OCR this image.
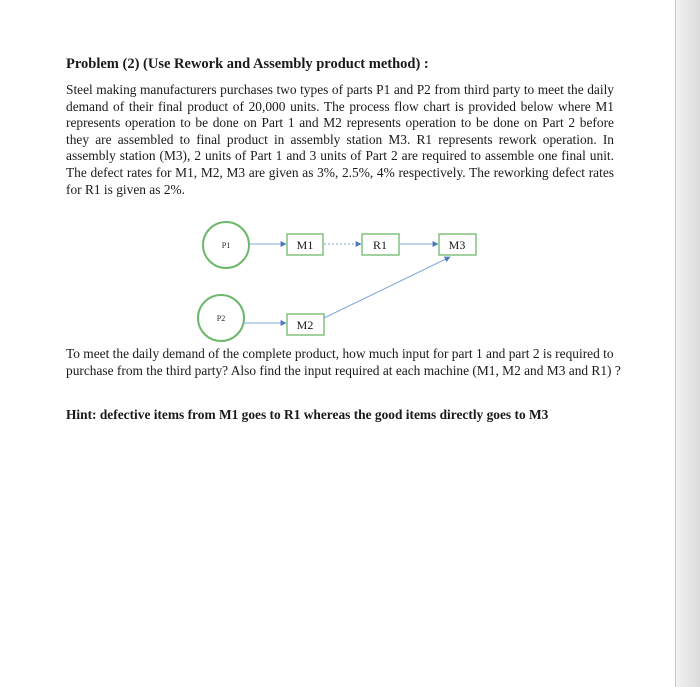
Problem (2) (Use Rework and Assembly product method) :

Steel making manufacturers purchases two types of parts P1 and P2 from third party to meet the daily demand of their final product of 20,000 units. The process flow chart is provided below where M1 represents operation to be done on Part 1 and M2 represents operation to be done on Part 2 before they are assembled to final product in assembly station M3. R1 represents rework operation. In assembly station (M3), 2 units of Part 1 and 3 units of Part 2 are required to assemble one final unit. The defect rates for M1, M2, M3 are given as 3%, 2.5%, 4% respectively. The reworking defect rates for R1 is given as 2%.

P1
P2
M1	R1	M3
M2

To meet the daily demand of the complete product, how much input for part 1 and part 2 is required to purchase from the third party? Also find the input required at each machine (M1, M2 and M3 and R1) ?

Hint: defective items from M1 goes to R1 whereas the good items directly goes to M3
